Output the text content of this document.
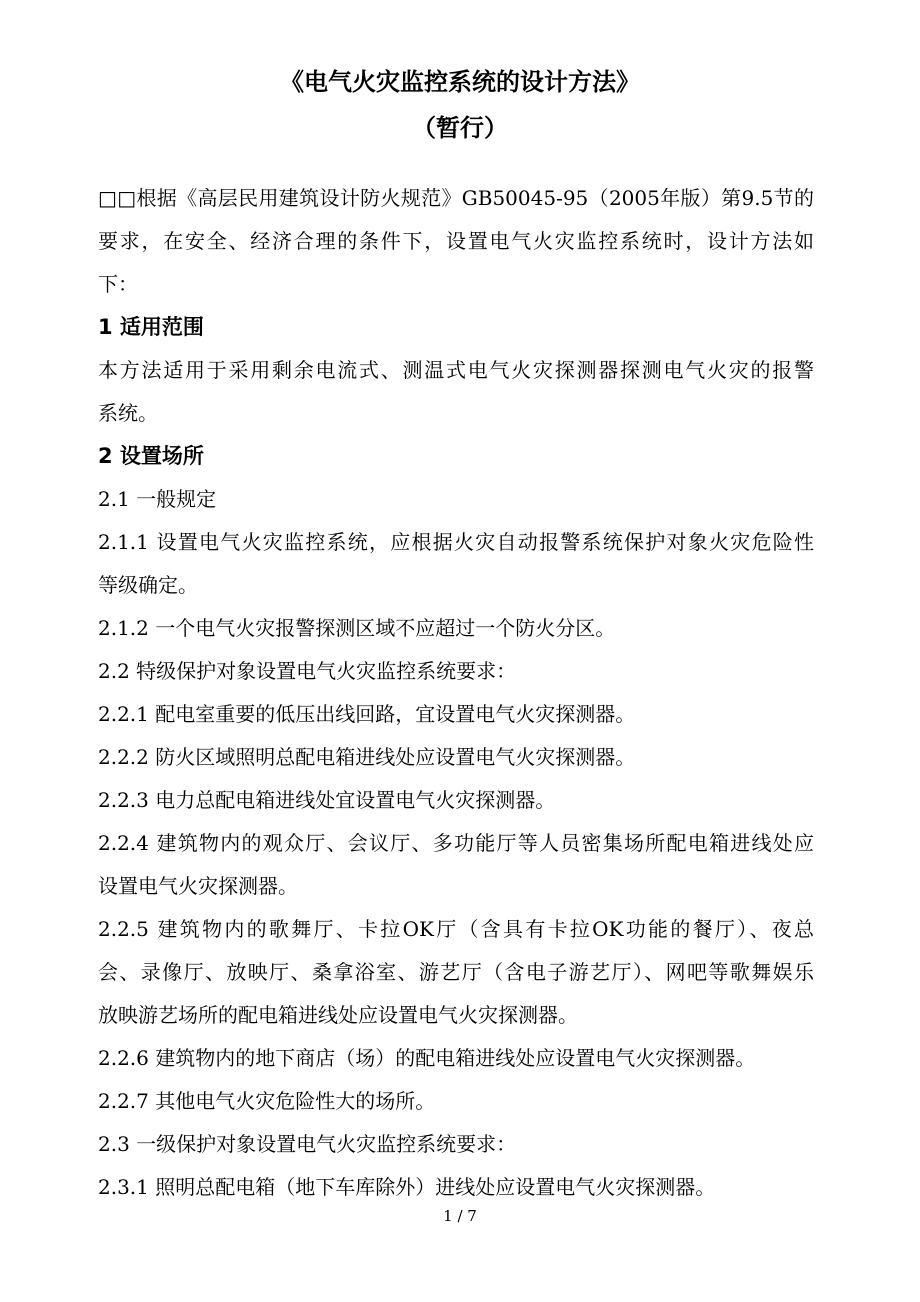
《电气火灾监控系统的设计方法》
（暂行）
□□根据《高层民用建筑设计防火规范》GB50045-95（2005年版）第9.5节的
要求，在安全、经济合理的条件下，设置电气火灾监控系统时，设计方法如
下：
1 适用范围
本方法适用于采用剩余电流式、测温式电气火灾探测器探测电气火灾的报警
系统。
2 设置场所
2.1 一般规定
2.1.1 设置电气火灾监控系统，应根据火灾自动报警系统保护对象火灾危险性
等级确定。
2.1.2 一个电气火灾报警探测区域不应超过一个防火分区。
2.2 特级保护对象设置电气火灾监控系统要求：
2.2.1 配电室重要的低压出线回路，宜设置电气火灾探测器。
2.2.2 防火区域照明总配电箱进线处应设置电气火灾探测器。
2.2.3 电力总配电箱进线处宜设置电气火灾探测器。
2.2.4 建筑物内的观众厅、会议厅、多功能厅等人员密集场所配电箱进线处应
设置电气火灾探测器。
2.2.5 建筑物内的歌舞厅、卡拉OK厅（含具有卡拉OK功能的餐厅）、夜总
会、录像厅、放映厅、桑拿浴室、游艺厅（含电子游艺厅）、网吧等歌舞娱乐
放映游艺场所的配电箱进线处应设置电气火灾探测器。
2.2.6 建筑物内的地下商店（场）的配电箱进线处应设置电气火灾探测器。
2.2.7 其他电气火灾危险性大的场所。
2.3 一级保护对象设置电气火灾监控系统要求：
2.3.1 照明总配电箱（地下车库除外）进线处应设置电气火灾探测器。
1 / 7
